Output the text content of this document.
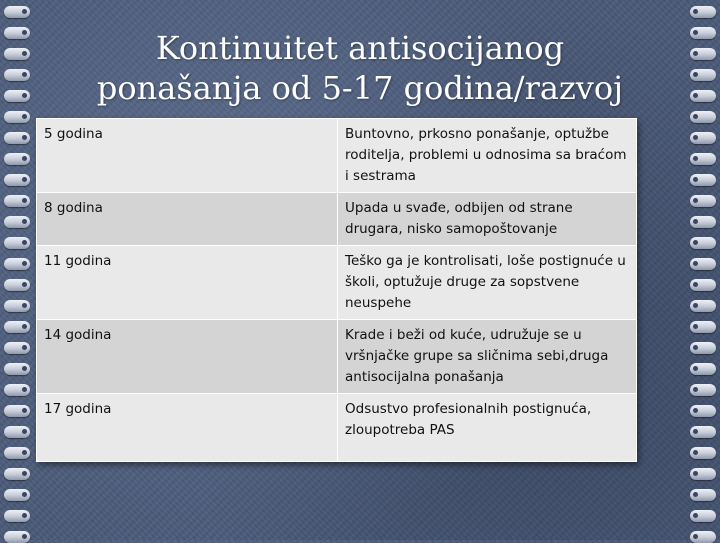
Kontinuitet antisocijanog
ponašanja od 5-17 godina/razvoj
5 godina	Buntovno, prkosno ponašanje, optužbe roditelja, problemi u odnosima sa braćom i sestrama
8 godina	Upada u svađe, odbijen od strane drugara, nisko samopoštovanje
11 godina	Teško ga je kontrolisati, loše postignuće u školi, optužuje druge za sopstvene neuspehe
14 godina	Krade i beži od kuće, udružuje se u vršnjačke grupe sa sličnima sebi,druga antisocijalna ponašanja
17 godina	Odsustvo profesionalnih postignuća, zloupotreba PAS
